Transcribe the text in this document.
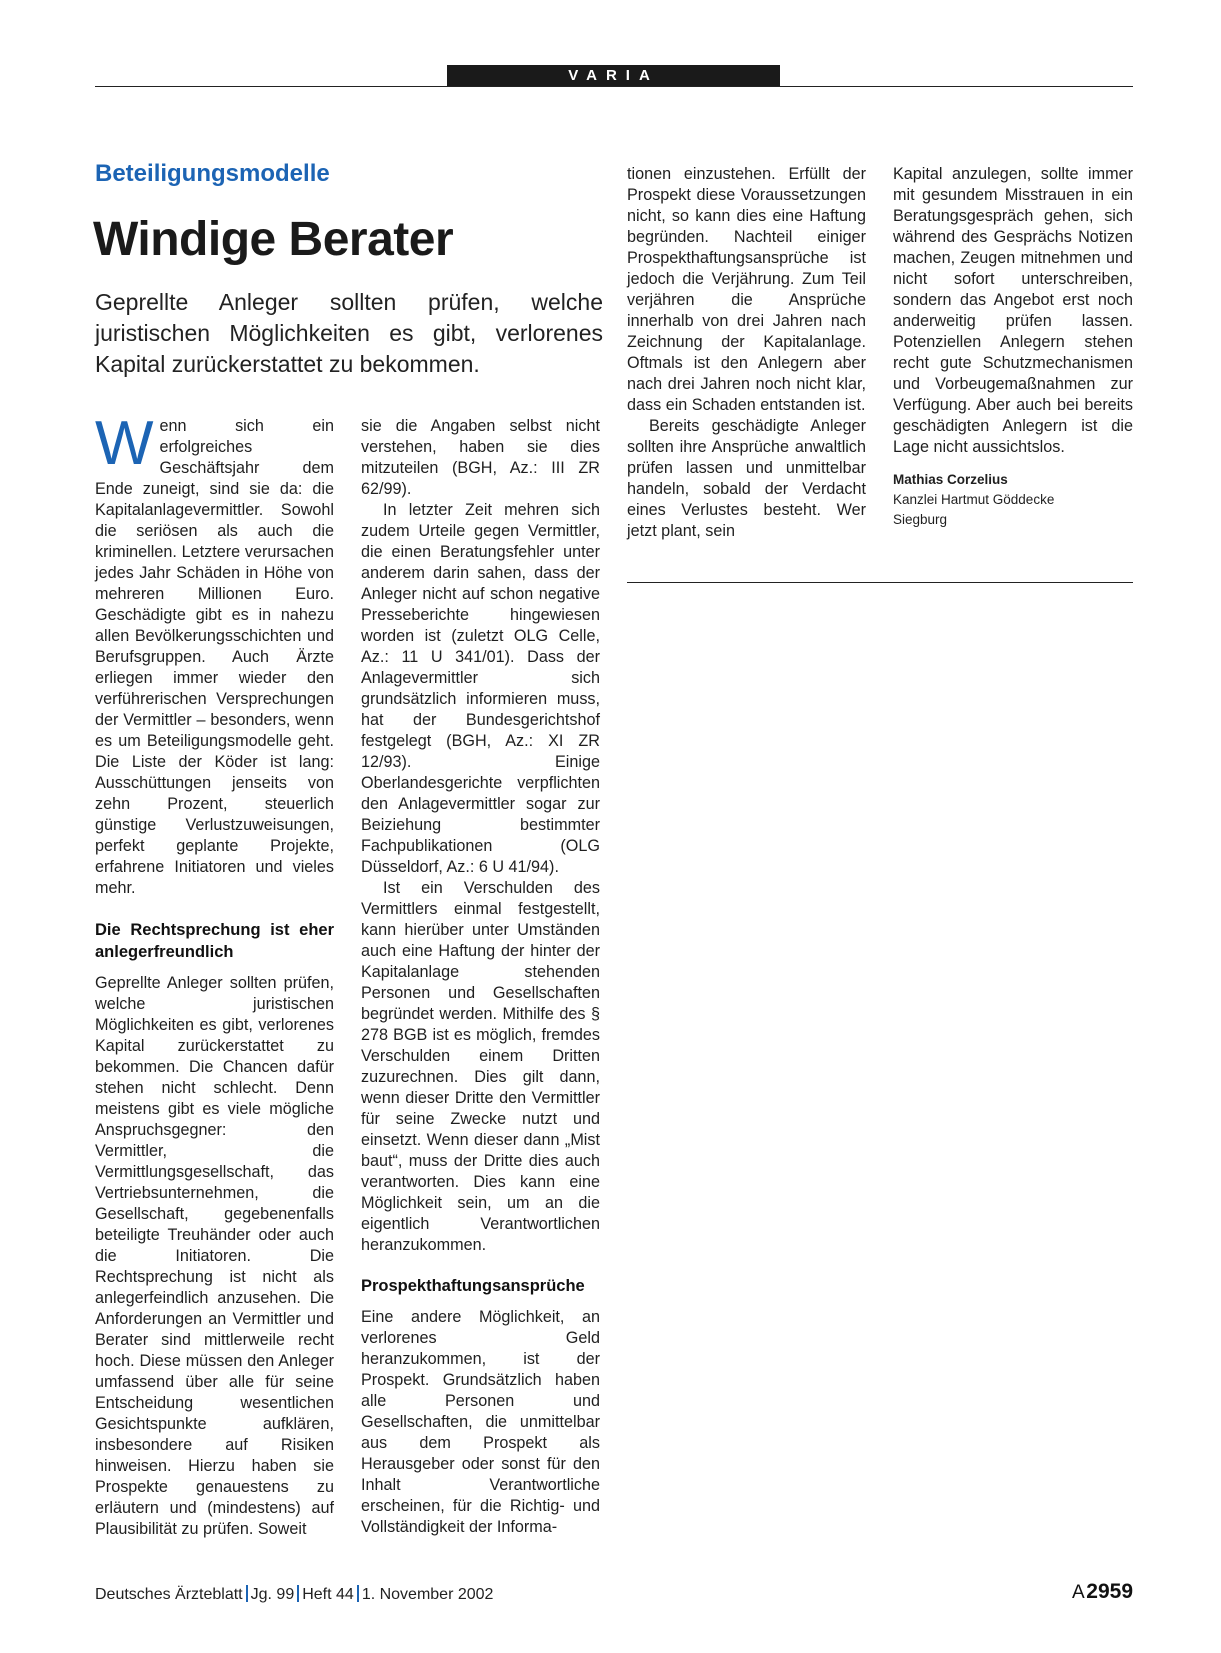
VARIA
Beteiligungsmodelle
Windige Berater
Geprellte Anleger sollten prüfen, welche juristischen Möglichkeiten es gibt, verlorenes Kapital zurückerstattet zu bekommen.

Wenn sich ein erfolgreiches Geschäftsjahr dem Ende zuneigt, sind sie da: die Kapitalanlagevermittler. Sowohl die seriösen als auch die kriminellen. Letztere verursachen jedes Jahr Schäden in Höhe von mehreren Millionen Euro. Geschädigte gibt es in nahezu allen Bevölkerungsschichten und Berufsgruppen. Auch Ärzte erliegen immer wieder den verführerischen Versprechungen der Vermittler – besonders, wenn es um Beteiligungsmodelle geht. Die Liste der Köder ist lang: Ausschüttungen jenseits von zehn Prozent, steuerlich günstige Verlustzuweisungen, perfekt geplante Projekte, erfahrene Initiatoren und vieles mehr.

Die Rechtsprechung ist eher anlegerfreundlich

Geprellte Anleger sollten prüfen, welche juristischen Möglichkeiten es gibt, verlorenes Kapital zurückerstattet zu bekommen. Die Chancen dafür stehen nicht schlecht. Denn meistens gibt es viele mögliche Anspruchsgegner: den Vermittler, die Vermittlungsgesellschaft, das Vertriebsunternehmen, die Gesellschaft, gegebenenfalls beteiligte Treuhänder oder auch die Initiatoren. Die Rechtsprechung ist nicht als anlegerfeindlich anzusehen. Die Anforderungen an Vermittler und Berater sind mittlerweile recht hoch. Diese müssen den Anleger umfassend über alle für seine Entscheidung wesentlichen Gesichtspunkte aufklären, insbesondere auf Risiken hinweisen. Hierzu haben sie Prospekte genauestens zu erläutern und (mindestens) auf Plausibilität zu prüfen. Soweit

sie die Angaben selbst nicht verstehen, haben sie dies mitzuteilen (BGH, Az.: III ZR 62/99).

In letzter Zeit mehren sich zudem Urteile gegen Vermittler, die einen Beratungsfehler unter anderem darin sahen, dass der Anleger nicht auf schon negative Presseberichte hingewiesen worden ist (zuletzt OLG Celle, Az.: 11 U 341/01). Dass der Anlagevermittler sich grundsätzlich informieren muss, hat der Bundesgerichtshof festgelegt (BGH, Az.: XI ZR 12/93). Einige Oberlandesgerichte verpflichten den Anlagevermittler sogar zur Beiziehung bestimmter Fachpublikationen (OLG Düsseldorf, Az.: 6 U 41/94).

Ist ein Verschulden des Vermittlers einmal festgestellt, kann hierüber unter Umständen auch eine Haftung der hinter der Kapitalanlage stehenden Personen und Gesellschaften begründet werden. Mithilfe des § 278 BGB ist es möglich, fremdes Verschulden einem Dritten zuzurechnen. Dies gilt dann, wenn dieser Dritte den Vermittler für seine Zwecke nutzt und einsetzt. Wenn dieser dann „Mist baut“, muss der Dritte dies auch verantworten. Dies kann eine Möglichkeit sein, um an die eigentlich Verantwortlichen heranzukommen.

Prospekthaftungsansprüche

Eine andere Möglichkeit, an verlorenes Geld heranzukommen, ist der Prospekt. Grundsätzlich haben alle Personen und Gesellschaften, die unmittelbar aus dem Prospekt als Herausgeber oder sonst für den Inhalt Verantwortliche erscheinen, für die Richtig- und Vollständigkeit der Informa-

tionen einzustehen. Erfüllt der Prospekt diese Voraussetzungen nicht, so kann dies eine Haftung begründen. Nachteil einiger Prospekthaftungsansprüche ist jedoch die Verjährung. Zum Teil verjähren die Ansprüche innerhalb von drei Jahren nach Zeichnung der Kapitalanlage. Oftmals ist den Anlegern aber nach drei Jahren noch nicht klar, dass ein Schaden entstanden ist.

Bereits geschädigte Anleger sollten ihre Ansprüche anwaltlich prüfen lassen und unmittelbar handeln, sobald der Verdacht eines Verlustes besteht. Wer jetzt plant, sein

Kapital anzulegen, sollte immer mit gesundem Misstrauen in ein Beratungsgespräch gehen, sich während des Gesprächs Notizen machen, Zeugen mitnehmen und nicht sofort unterschreiben, sondern das Angebot erst noch anderweitig prüfen lassen. Potenziellen Anlegern stehen recht gute Schutzmechanismen und Vorbeugemaßnahmen zur Verfügung. Aber auch bei bereits geschädigten Anlegern ist die Lage nicht aussichtslos.

Mathias Corzelius
Kanzlei Hartmut Göddecke
Siegburg
Deutsches Ärzteblatt Jg. 99 Heft 44 1. November 2002	A 2959
